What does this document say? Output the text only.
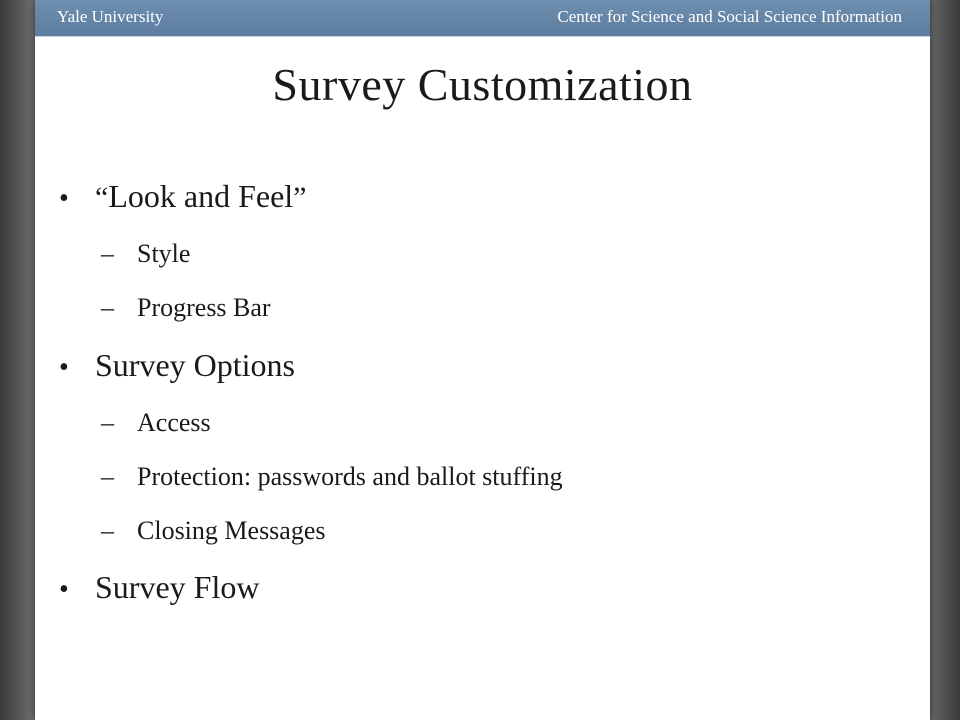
Yale University	Center for Science and Social Science Information
Survey Customization
• “Look and Feel”
– Style
– Progress Bar
• Survey Options
– Access
– Protection: passwords and ballot stuffing
– Closing Messages
• Survey Flow
